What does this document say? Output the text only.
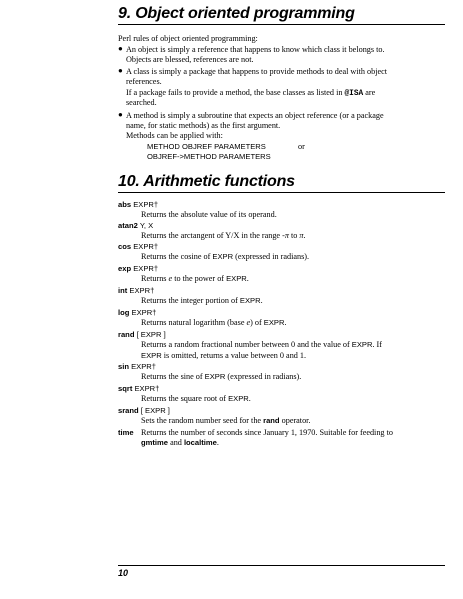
9. Object oriented programming
Perl rules of object oriented programming:
● An object is simply a reference that happens to know which class it belongs to.
Objects are blessed, references are not.
● A class is simply a package that happens to provide methods to deal with object
references.
If a package fails to provide a method, the base classes as listed in @ISA are
searched.
● A method is simply a subroutine that expects an object reference (or a package
name, for static methods) as the first argument.
Methods can be applied with:
METHOD OBJREF PARAMETERS	or
OBJREF->METHOD PARAMETERS
10. Arithmetic functions
abs EXPR†
Returns the absolute value of its operand.
atan2 Y, X
Returns the arctangent of Y/X in the range -π to π.
cos EXPR†
Returns the cosine of EXPR (expressed in radians).
exp EXPR†
Returns e to the power of EXPR.
int EXPR†
Returns the integer portion of EXPR.
log EXPR†
Returns natural logarithm (base e) of EXPR.
rand [ EXPR ]
Returns a random fractional number between 0 and the value of EXPR. If
EXPR is omitted, returns a value between 0 and 1.
sin EXPR†
Returns the sine of EXPR (expressed in radians).
sqrt EXPR†
Returns the square root of EXPR.
srand [ EXPR ]
Sets the random number seed for the rand operator.
time Returns the number of seconds since January 1, 1970. Suitable for feeding to
gmtime and localtime.
10
